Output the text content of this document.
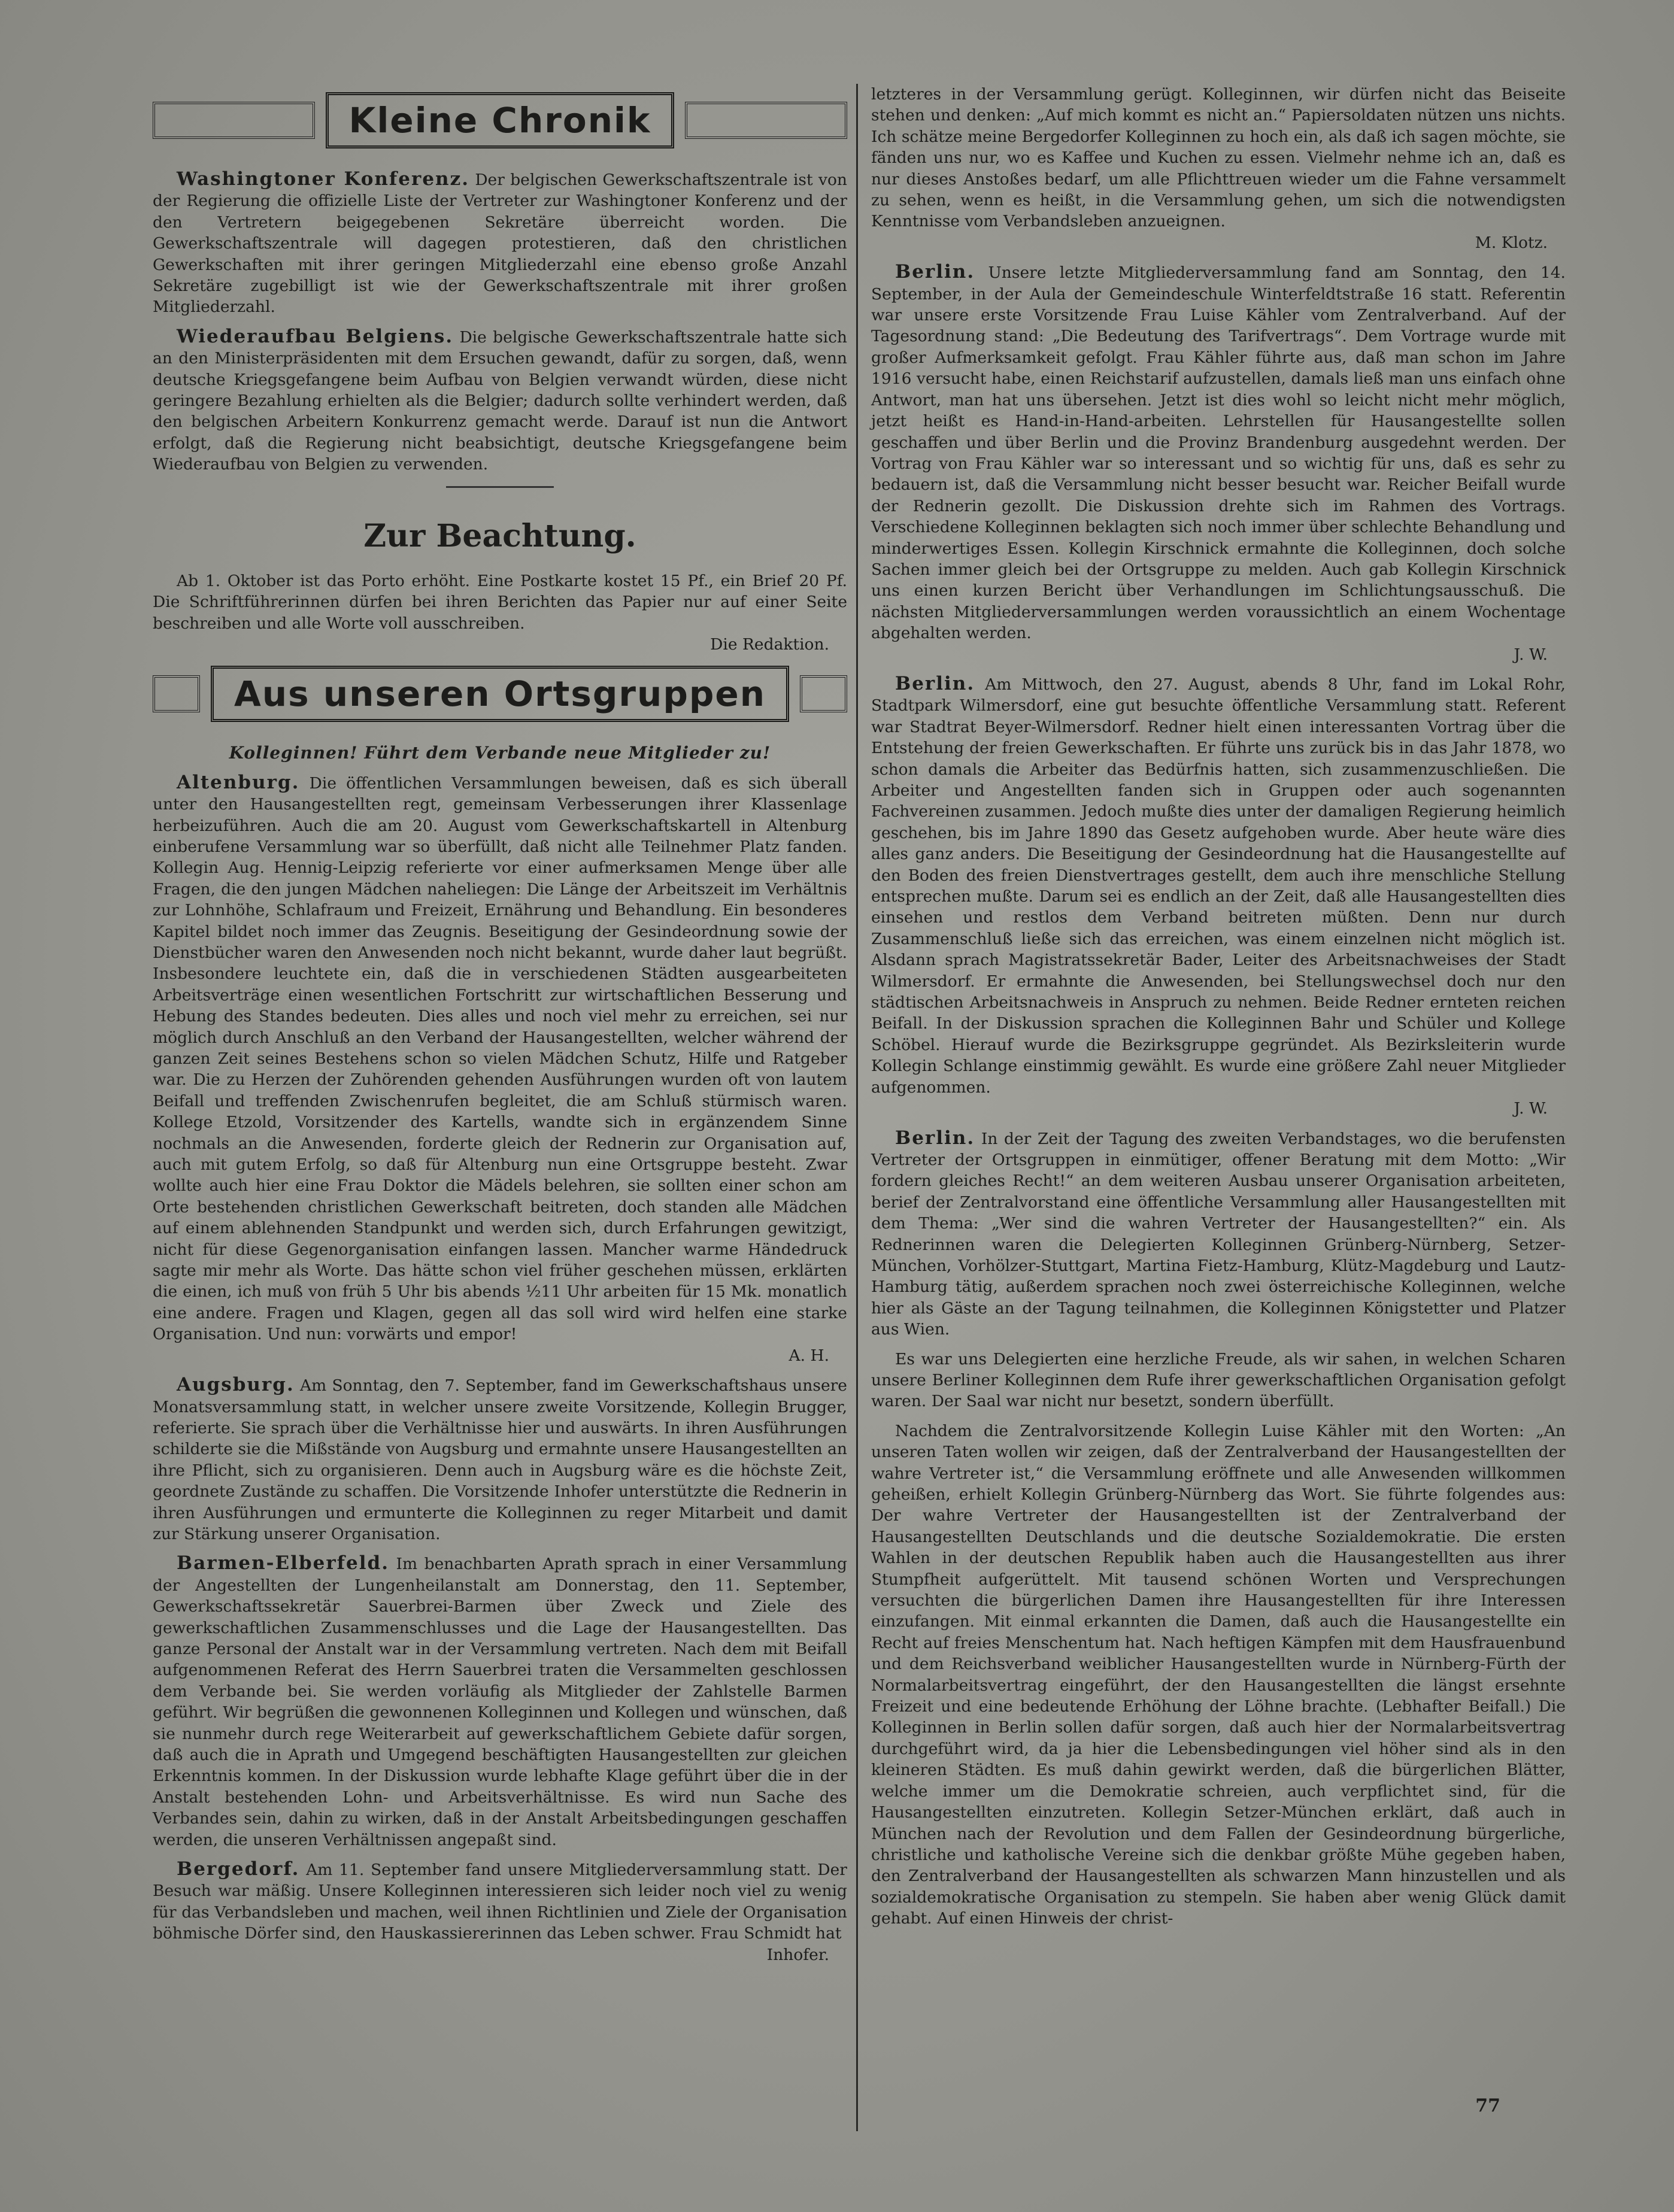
Kleine Chronik

Washingtoner Konferenz. Der belgischen Gewerkschaftszentrale ist von der Regierung die offizielle Liste der Vertreter zur Washingtoner Konferenz und der den Vertretern beigegebenen Sekretäre überreicht worden. Die Gewerkschaftszentrale will dagegen protestieren, daß den christlichen Gewerkschaften mit ihrer geringen Mitgliederzahl eine ebenso große Anzahl Sekretäre zugebilligt ist wie der Gewerkschaftszentrale mit ihrer großen Mitgliederzahl.

Wiederaufbau Belgiens. Die belgische Gewerkschaftszentrale hatte sich an den Ministerpräsidenten mit dem Ersuchen gewandt, dafür zu sorgen, daß, wenn deutsche Kriegsgefangene beim Aufbau von Belgien verwandt würden, diese nicht geringere Bezahlung erhielten als die Belgier; dadurch sollte verhindert werden, daß den belgischen Arbeitern Konkurrenz gemacht werde. Darauf ist nun die Antwort erfolgt, daß die Regierung nicht beabsichtigt, deutsche Kriegsgefangene beim Wiederaufbau von Belgien zu verwenden.

Zur Beachtung.

Ab 1. Oktober ist das Porto erhöht. Eine Postkarte kostet 15 Pf., ein Brief 20 Pf. Die Schriftführerinnen dürfen bei ihren Berichten das Papier nur auf einer Seite beschreiben und alle Worte voll ausschreiben.
Die Redaktion.

Aus unseren Ortsgruppen
Kolleginnen! Führt dem Verbande neue Mitglieder zu!

Altenburg. Die öffentlichen Versammlungen beweisen, daß es sich überall unter den Hausangestellten regt, gemeinsam Verbesserungen ihrer Klassenlage herbeizuführen. Auch die am 20. August vom Gewerkschaftskartell in Altenburg einberufene Versammlung war so überfüllt, daß nicht alle Teilnehmer Platz fanden. Kollegin Aug. Hennig-Leipzig referierte vor einer aufmerksamen Menge über alle Fragen, die den jungen Mädchen naheliegen: Die Länge der Arbeitszeit im Verhältnis zur Lohnhöhe, Schlafraum und Freizeit, Ernährung und Behandlung. Ein besonderes Kapitel bildet noch immer das Zeugnis. Beseitigung der Gesindeordnung sowie der Dienstbücher waren den Anwesenden noch nicht bekannt, wurde daher laut begrüßt. Insbesondere leuchtete ein, daß die in verschiedenen Städten ausgearbeiteten Arbeitsverträge einen wesentlichen Fortschritt zur wirtschaftlichen Besserung und Hebung des Standes bedeuten. Dies alles und noch viel mehr zu erreichen, sei nur möglich durch Anschluß an den Verband der Hausangestellten, welcher während der ganzen Zeit seines Bestehens schon so vielen Mädchen Schutz, Hilfe und Ratgeber war. Die zu Herzen der Zuhörenden gehenden Ausführungen wurden oft von lautem Beifall und treffenden Zwischenrufen begleitet, die am Schluß stürmisch waren. Kollege Etzold, Vorsitzender des Kartells, wandte sich in ergänzendem Sinne nochmals an die Anwesenden, forderte gleich der Rednerin zur Organisation auf, auch mit gutem Erfolg, so daß für Altenburg nun eine Ortsgruppe besteht. Zwar wollte auch hier eine Frau Doktor die Mädels belehren, sie sollten einer schon am Orte bestehenden christlichen Gewerkschaft beitreten, doch standen alle Mädchen auf einem ablehnenden Standpunkt und werden sich, durch Erfahrungen gewitzigt, nicht für diese Gegenorganisation einfangen lassen. Mancher warme Händedruck sagte mir mehr als Worte. Das hätte schon viel früher geschehen müssen, erklärten die einen, ich muß von früh 5 Uhr bis abends ½11 Uhr arbeiten für 15 Mk. monatlich eine andere. Fragen und Klagen, gegen all das soll wird wird helfen eine starke Organisation. Und nun: vorwärts und empor!
A. H.

Augsburg. Am Sonntag, den 7. September, fand im Gewerkschaftshaus unsere Monatsversammlung statt, in welcher unsere zweite Vorsitzende, Kollegin Brugger, referierte. Sie sprach über die Verhältnisse hier und auswärts. In ihren Ausführungen schilderte sie die Mißstände von Augsburg und ermahnte unsere Hausangestellten an ihre Pflicht, sich zu organisieren. Denn auch in Augsburg wäre es die höchste Zeit, geordnete Zustände zu schaffen. Die Vorsitzende Inhofer unterstützte die Rednerin in ihren Ausführungen und ermunterte die Kolleginnen zu reger Mitarbeit und damit zur Stärkung unserer Organisation.

Barmen-Elberfeld. Im benachbarten Aprath sprach in einer Versammlung der Angestellten der Lungenheilanstalt am Donnerstag, den 11. September, Gewerkschaftssekretär Sauerbrei-Barmen über Zweck und Ziele des gewerkschaftlichen Zusammenschlusses und die Lage der Hausangestellten. Das ganze Personal der Anstalt war in der Versammlung vertreten. Nach dem mit Beifall aufgenommenen Referat des Herrn Sauerbrei traten die Versammelten geschlossen dem Verbande bei. Sie werden vorläufig als Mitglieder der Zahlstelle Barmen geführt. Wir begrüßen die gewonnenen Kolleginnen und Kollegen und wünschen, daß sie nunmehr durch rege Weiterarbeit auf gewerkschaftlichem Gebiete dafür sorgen, daß auch die in Aprath und Umgegend beschäftigten Hausangestellten zur gleichen Erkenntnis kommen. In der Diskussion wurde lebhafte Klage geführt über die in der Anstalt bestehenden Lohn- und Arbeitsverhältnisse. Es wird nun Sache des Verbandes sein, dahin zu wirken, daß in der Anstalt Arbeitsbedingungen geschaffen werden, die unseren Verhältnissen angepaßt sind.

Bergedorf. Am 11. September fand unsere Mitgliederversammlung statt. Der Besuch war mäßig. Unsere Kolleginnen interessieren sich leider noch viel zu wenig für das Verbandsleben und machen, weil ihnen Richtlinien und Ziele der Organisation böhmische Dörfer sind, den Hauskassiererinnen das Leben schwer. Frau Schmidt hat
Inhofer.

letzteres in der Versammlung gerügt. Kolleginnen, wir dürfen nicht das Beiseite stehen und denken: „Auf mich kommt es nicht an.“ Papiersoldaten nützen uns nichts. Ich schätze meine Bergedorfer Kolleginnen zu hoch ein, als daß ich sagen möchte, sie fänden uns nur, wo es Kaffee und Kuchen zu essen. Vielmehr nehme ich an, daß es nur dieses Anstoßes bedarf, um alle Pflichttreuen wieder um die Fahne versammelt zu sehen, wenn es heißt, in die Versammlung gehen, um sich die notwendigsten Kenntnisse vom Verbandsleben anzueignen.
M. Klotz.

Berlin. Unsere letzte Mitgliederversammlung fand am Sonntag, den 14. September, in der Aula der Gemeindeschule Winterfeldtstraße 16 statt. Referentin war unsere erste Vorsitzende Frau Luise Kähler vom Zentralverband. Auf der Tagesordnung stand: „Die Bedeutung des Tarifvertrags“. Dem Vortrage wurde mit großer Aufmerksamkeit gefolgt. Frau Kähler führte aus, daß man schon im Jahre 1916 versucht habe, einen Reichstarif aufzustellen, damals ließ man uns einfach ohne Antwort, man hat uns übersehen. Jetzt ist dies wohl so leicht nicht mehr möglich, jetzt heißt es Hand-in-Hand-arbeiten. Lehrstellen für Hausangestellte sollen geschaffen und über Berlin und die Provinz Brandenburg ausgedehnt werden. Der Vortrag von Frau Kähler war so interessant und so wichtig für uns, daß es sehr zu bedauern ist, daß die Versammlung nicht besser besucht war. Reicher Beifall wurde der Rednerin gezollt. Die Diskussion drehte sich im Rahmen des Vortrags. Verschiedene Kolleginnen beklagten sich noch immer über schlechte Behandlung und minderwertiges Essen. Kollegin Kirschnick ermahnte die Kolleginnen, doch solche Sachen immer gleich bei der Ortsgruppe zu melden. Auch gab Kollegin Kirschnick uns einen kurzen Bericht über Verhandlungen im Schlichtungsausschuß. Die nächsten Mitgliederversammlungen werden voraussichtlich an einem Wochentage abgehalten werden.
J. W.

Berlin. Am Mittwoch, den 27. August, abends 8 Uhr, fand im Lokal Rohr, Stadtpark Wilmersdorf, eine gut besuchte öffentliche Versammlung statt. Referent war Stadtrat Beyer-Wilmersdorf. Redner hielt einen interessanten Vortrag über die Entstehung der freien Gewerkschaften. Er führte uns zurück bis in das Jahr 1878, wo schon damals die Arbeiter das Bedürfnis hatten, sich zusammenzuschließen. Die Arbeiter und Angestellten fanden sich in Gruppen oder auch sogenannten Fachvereinen zusammen. Jedoch mußte dies unter der damaligen Regierung heimlich geschehen, bis im Jahre 1890 das Gesetz aufgehoben wurde. Aber heute wäre dies alles ganz anders. Die Beseitigung der Gesindeordnung hat die Hausangestellte auf den Boden des freien Dienstvertrages gestellt, dem auch ihre menschliche Stellung entsprechen mußte. Darum sei es endlich an der Zeit, daß alle Hausangestellten dies einsehen und restlos dem Verband beitreten müßten. Denn nur durch Zusammenschluß ließe sich das erreichen, was einem einzelnen nicht möglich ist. Alsdann sprach Magistratssekretär Bader, Leiter des Arbeitsnachweises der Stadt Wilmersdorf. Er ermahnte die Anwesenden, bei Stellungswechsel doch nur den städtischen Arbeitsnachweis in Anspruch zu nehmen. Beide Redner ernteten reichen Beifall. In der Diskussion sprachen die Kolleginnen Bahr und Schüler und Kollege Schöbel. Hierauf wurde die Bezirksgruppe gegründet. Als Bezirksleiterin wurde Kollegin Schlange einstimmig gewählt. Es wurde eine größere Zahl neuer Mitglieder aufgenommen.
J. W.

Berlin. In der Zeit der Tagung des zweiten Verbandstages, wo die berufensten Vertreter der Ortsgruppen in einmütiger, offener Beratung mit dem Motto: „Wir fordern gleiches Recht!“ an dem weiteren Ausbau unserer Organisation arbeiteten, berief der Zentralvorstand eine öffentliche Versammlung aller Hausangestellten mit dem Thema: „Wer sind die wahren Vertreter der Hausangestellten?“ ein. Als Rednerinnen waren die Delegierten Kolleginnen Grünberg-Nürnberg, Setzer-München, Vorhölzer-Stuttgart, Martina Fietz-Hamburg, Klütz-Magdeburg und Lautz-Hamburg tätig, außerdem sprachen noch zwei österreichische Kolleginnen, welche hier als Gäste an der Tagung teilnahmen, die Kolleginnen Königstetter und Platzer aus Wien.

Es war uns Delegierten eine herzliche Freude, als wir sahen, in welchen Scharen unsere Berliner Kolleginnen dem Rufe ihrer gewerkschaftlichen Organisation gefolgt waren. Der Saal war nicht nur besetzt, sondern überfüllt.

Nachdem die Zentralvorsitzende Kollegin Luise Kähler mit den Worten: „An unseren Taten wollen wir zeigen, daß der Zentralverband der Hausangestellten der wahre Vertreter ist,“ die Versammlung eröffnete und alle Anwesenden willkommen geheißen, erhielt Kollegin Grünberg-Nürnberg das Wort. Sie führte folgendes aus: Der wahre Vertreter der Hausangestellten ist der Zentralverband der Hausangestellten Deutschlands und die deutsche Sozialdemokratie. Die ersten Wahlen in der deutschen Republik haben auch die Hausangestellten aus ihrer Stumpfheit aufgerüttelt. Mit tausend schönen Worten und Versprechungen versuchten die bürgerlichen Damen ihre Hausangestellten für ihre Interessen einzufangen. Mit einmal erkannten die Damen, daß auch die Hausangestellte ein Recht auf freies Menschentum hat. Nach heftigen Kämpfen mit dem Hausfrauenbund und dem Reichsverband weiblicher Hausangestellten wurde in Nürnberg-Fürth der Normalarbeitsvertrag eingeführt, der den Hausangestellten die längst ersehnte Freizeit und eine bedeutende Erhöhung der Löhne brachte. (Lebhafter Beifall.) Die Kolleginnen in Berlin sollen dafür sorgen, daß auch hier der Normalarbeitsvertrag durchgeführt wird, da ja hier die Lebensbedingungen viel höher sind als in den kleineren Städten. Es muß dahin gewirkt werden, daß die bürgerlichen Blätter, welche immer um die Demokratie schreien, auch verpflichtet sind, für die Hausangestellten einzutreten. Kollegin Setzer-München erklärt, daß auch in München nach der Revolution und dem Fallen der Gesindeordnung bürgerliche, christliche und katholische Vereine sich die denkbar größte Mühe gegeben haben, den Zentralverband der Hausangestellten als schwarzen Mann hinzustellen und als sozialdemokratische Organisation zu stempeln. Sie haben aber wenig Glück damit gehabt. Auf einen Hinweis der christ-

77
